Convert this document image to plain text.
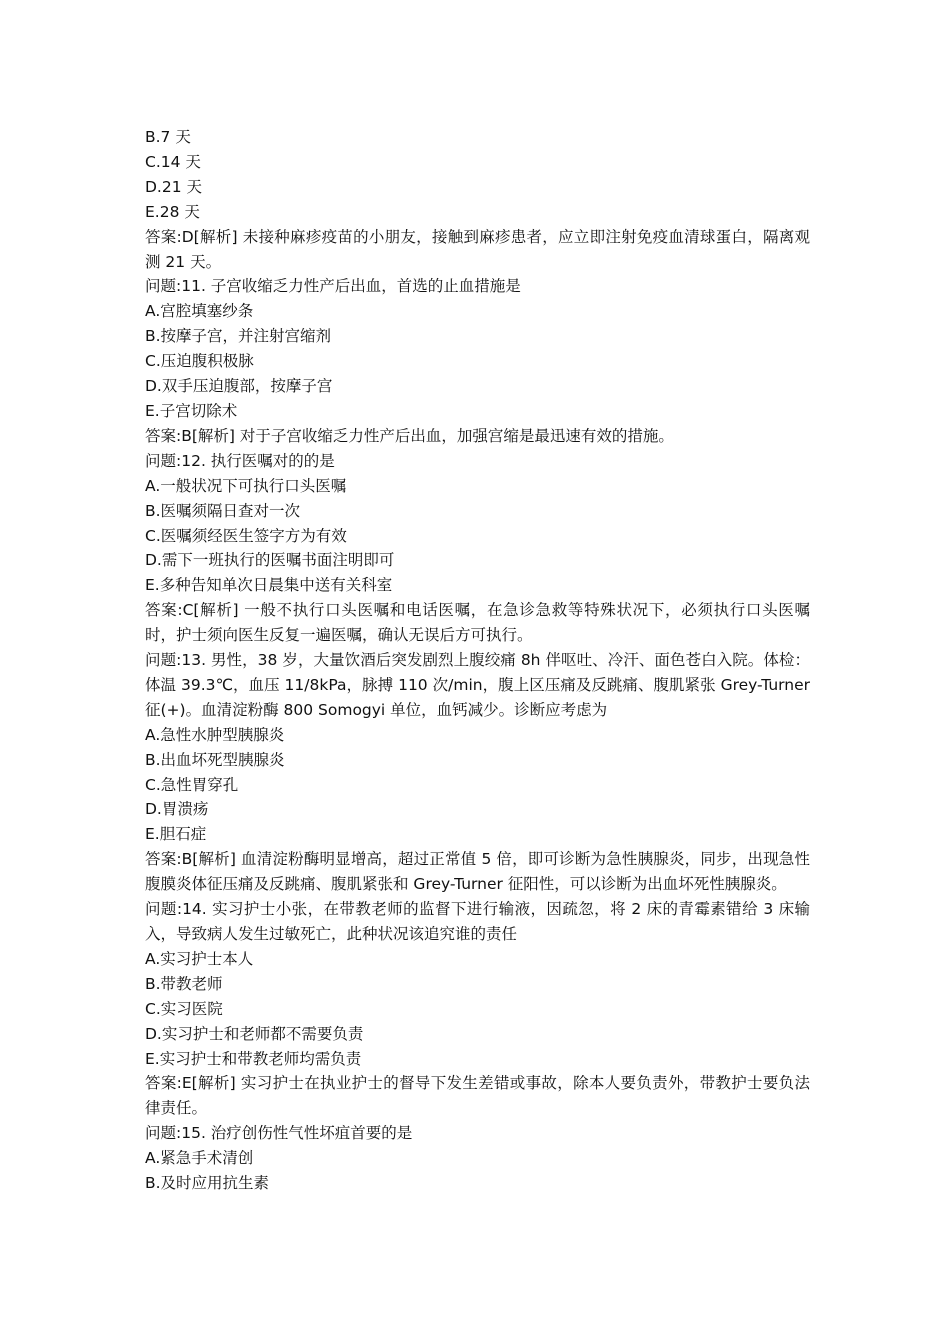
B.7 天

C.14 天

D.21 天

E.28 天

答案:D[解析] 未接种麻疹疫苗的小朋友，接触到麻疹患者，应立即注射免疫血清球蛋白，隔离观测 21 天。

问题:11. 子宫收缩乏力性产后出血，首选的止血措施是

A.宫腔填塞纱条

B.按摩子宫，并注射宫缩剂

C.压迫腹积极脉

D.双手压迫腹部，按摩子宫

E.子宫切除术

答案:B[解析] 对于子宫收缩乏力性产后出血，加强宫缩是最迅速有效的措施。

问题:12. 执行医嘱对的的是

A.一般状况下可执行口头医嘱

B.医嘱须隔日查对一次

C.医嘱须经医生签字方为有效

D.需下一班执行的医嘱书面注明即可

E.多种告知单次日晨集中送有关科室

答案:C[解析] 一般不执行口头医嘱和电话医嘱，在急诊急救等特殊状况下，必须执行口头医嘱时，护士须向医生反复一遍医嘱，确认无误后方可执行。

问题:13. 男性，38 岁，大量饮酒后突发剧烈上腹绞痛 8h 伴呕吐、冷汗、面色苍白入院。体检：体温 39.3℃，血压 11/8kPa，脉搏 110 次/min，腹上区压痛及反跳痛、腹肌紧张 Grey-Turner 征(+)。血清淀粉酶 800 Somogyi 单位，血钙减少。诊断应考虑为

A.急性水肿型胰腺炎

B.出血坏死型胰腺炎

C.急性胃穿孔

D.胃溃疡

E.胆石症

答案:B[解析] 血清淀粉酶明显增高，超过正常值 5 倍，即可诊断为急性胰腺炎，同步，出现急性腹膜炎体征压痛及反跳痛、腹肌紧张和 Grey-Turner 征阳性，可以诊断为出血坏死性胰腺炎。

问题:14. 实习护士小张，在带教老师的监督下进行输液，因疏忽，将 2 床的青霉素错给 3 床输入，导致病人发生过敏死亡，此种状况该追究谁的责任

A.实习护士本人

B.带教老师

C.实习医院

D.实习护士和老师都不需要负责

E.实习护士和带教老师均需负责

答案:E[解析] 实习护士在执业护士的督导下发生差错或事故，除本人要负责外，带教护士要负法律责任。

问题:15. 治疗创伤性气性坏疽首要的是

A.紧急手术清创

B.及时应用抗生素
